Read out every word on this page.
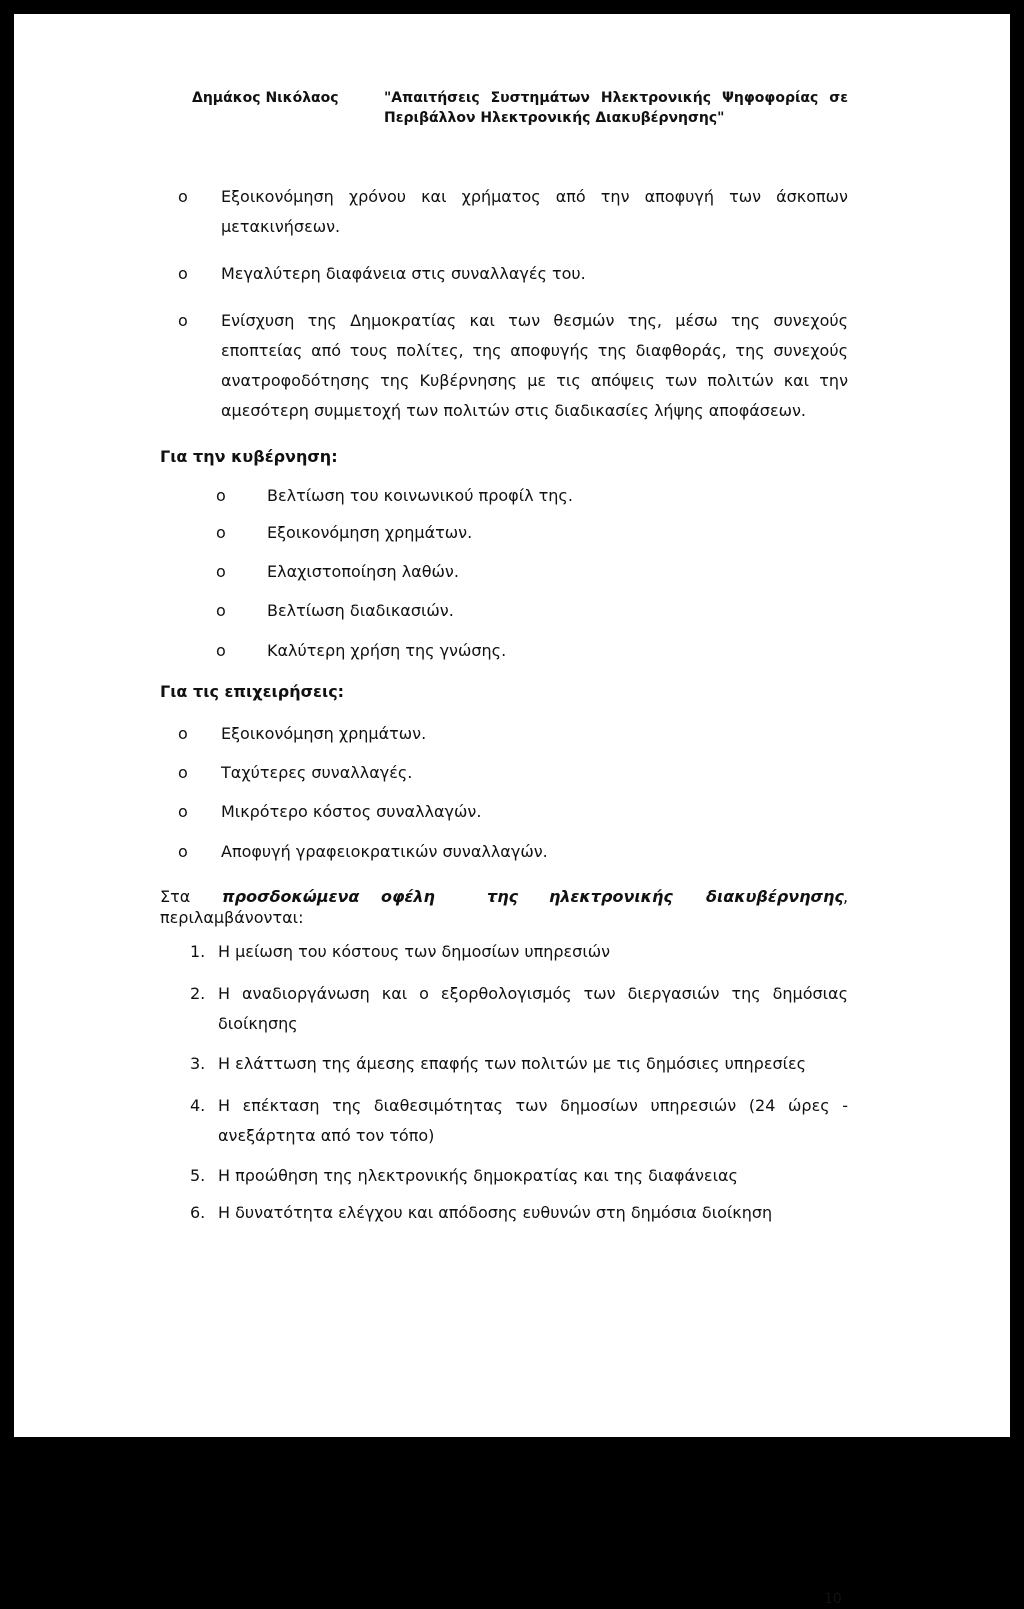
Δημάκος Νικόλαος	"Απαιτήσεις Συστημάτων Ηλεκτρονικής Ψηφοφορίας σε
Περιβάλλον Ηλεκτρονικής Διακυβέρνησης"
o Εξοικονόμηση χρόνου και χρήματος από την αποφυγή των άσκοπων
μετακινήσεων.
o Μεγαλύτερη διαφάνεια στις συναλλαγές του.
o Ενίσχυση της Δημοκρατίας και των θεσμών της, μέσω της συνεχούς
εποπτείας από τους πολίτες, της αποφυγής της διαφθοράς, της συνεχούς
ανατροφοδότησης της Κυβέρνησης με τις απόψεις των πολιτών και την
αμεσότερη συμμετοχή των πολιτών στις διαδικασίες λήψης αποφάσεων.
Για την κυβέρνηση:
o	Βελτίωση του κοινωνικού προφίλ της.
o	Εξοικονόμηση χρημάτων.
o	Ελαχιστοποίηση λαθών.
o	Βελτίωση διαδικασιών.
o	Καλύτερη χρήση της γνώσης.
Για τις επιχειρήσεις:
o Εξοικονόμηση χρημάτων.
o Ταχύτερες συναλλαγές.
o Μικρότερο κόστος συναλλαγών.
o Αποφυγή γραφειοκρατικών συναλλαγών.
Στα προσδοκώμενα οφέλη	της ηλεκτρονικής διακυβέρνησης ,
περιλαμβάνονται:
1. Η μείωση του κόστους των δημοσίων υπηρεσιών
2. Η αναδιοργάνωση και ο εξορθολογισμός των διεργασιών της δημόσιας
διοίκησης
3. Η ελάττωση της άμεσης επαφής των πολιτών με τις δημόσιες υπηρεσίες
4. Η επέκταση της διαθεσιμότητας των δημοσίων υπηρεσιών (24 ώρες -
ανεξάρτητα από τον τόπο)
5. Η προώθηση της ηλεκτρονικής δημοκρατίας και της διαφάνειας
6. Η δυνατότητα ελέγχου και απόδοσης ευθυνών στη δημόσια διοίκηση
10
